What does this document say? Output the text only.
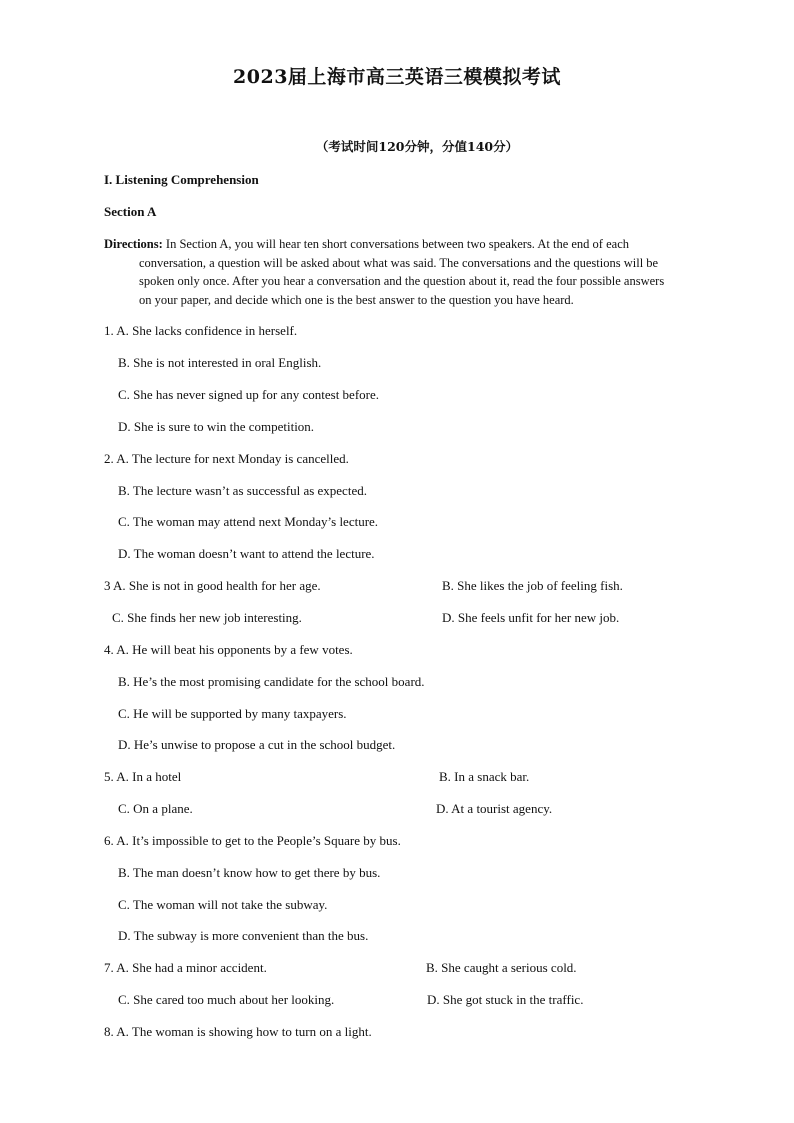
2023届上海市高三英语三模模拟考试
（考试时间120分钟，分值140分）
I. Listening Comprehension
Section A
Directions: In Section A, you will hear ten short conversations between two speakers. At the end of each
conversation, a question will be asked about what was said. The conversations and the questions will be
spoken only once. After you hear a conversation and the question about it, read the four possible answers
on your paper, and decide which one is the best answer to the question you have heard.
1. A. She lacks confidence in herself.
B. She is not interested in oral English.
C. She has never signed up for any contest before.
D. She is sure to win the competition.
2. A. The lecture for next Monday is cancelled.
B. The lecture wasn’t as successful as expected.
C. The woman may attend next Monday’s lecture.
D. The woman doesn’t want to attend the lecture.
3 A. She is not in good health for her age.	B. She likes the job of feeling fish.
C. She finds her new job interesting.	D. She feels unfit for her new job.
4. A. He will beat his opponents by a few votes.
B. He’s the most promising candidate for the school board.
C. He will be supported by many taxpayers.
D. He’s unwise to propose a cut in the school budget.
5. A. In a hotel	B. In a snack bar.
C. On a plane.	D. At a tourist agency.
6. A. It’s impossible to get to the People’s Square by bus.
B. The man doesn’t know how to get there by bus.
C. The woman will not take the subway.
D. The subway is more convenient than the bus.
7. A. She had a minor accident.	B. She caught a serious cold.
C. She cared too much about her looking.	D. She got stuck in the traffic.
8. A. The woman is showing how to turn on a light.
